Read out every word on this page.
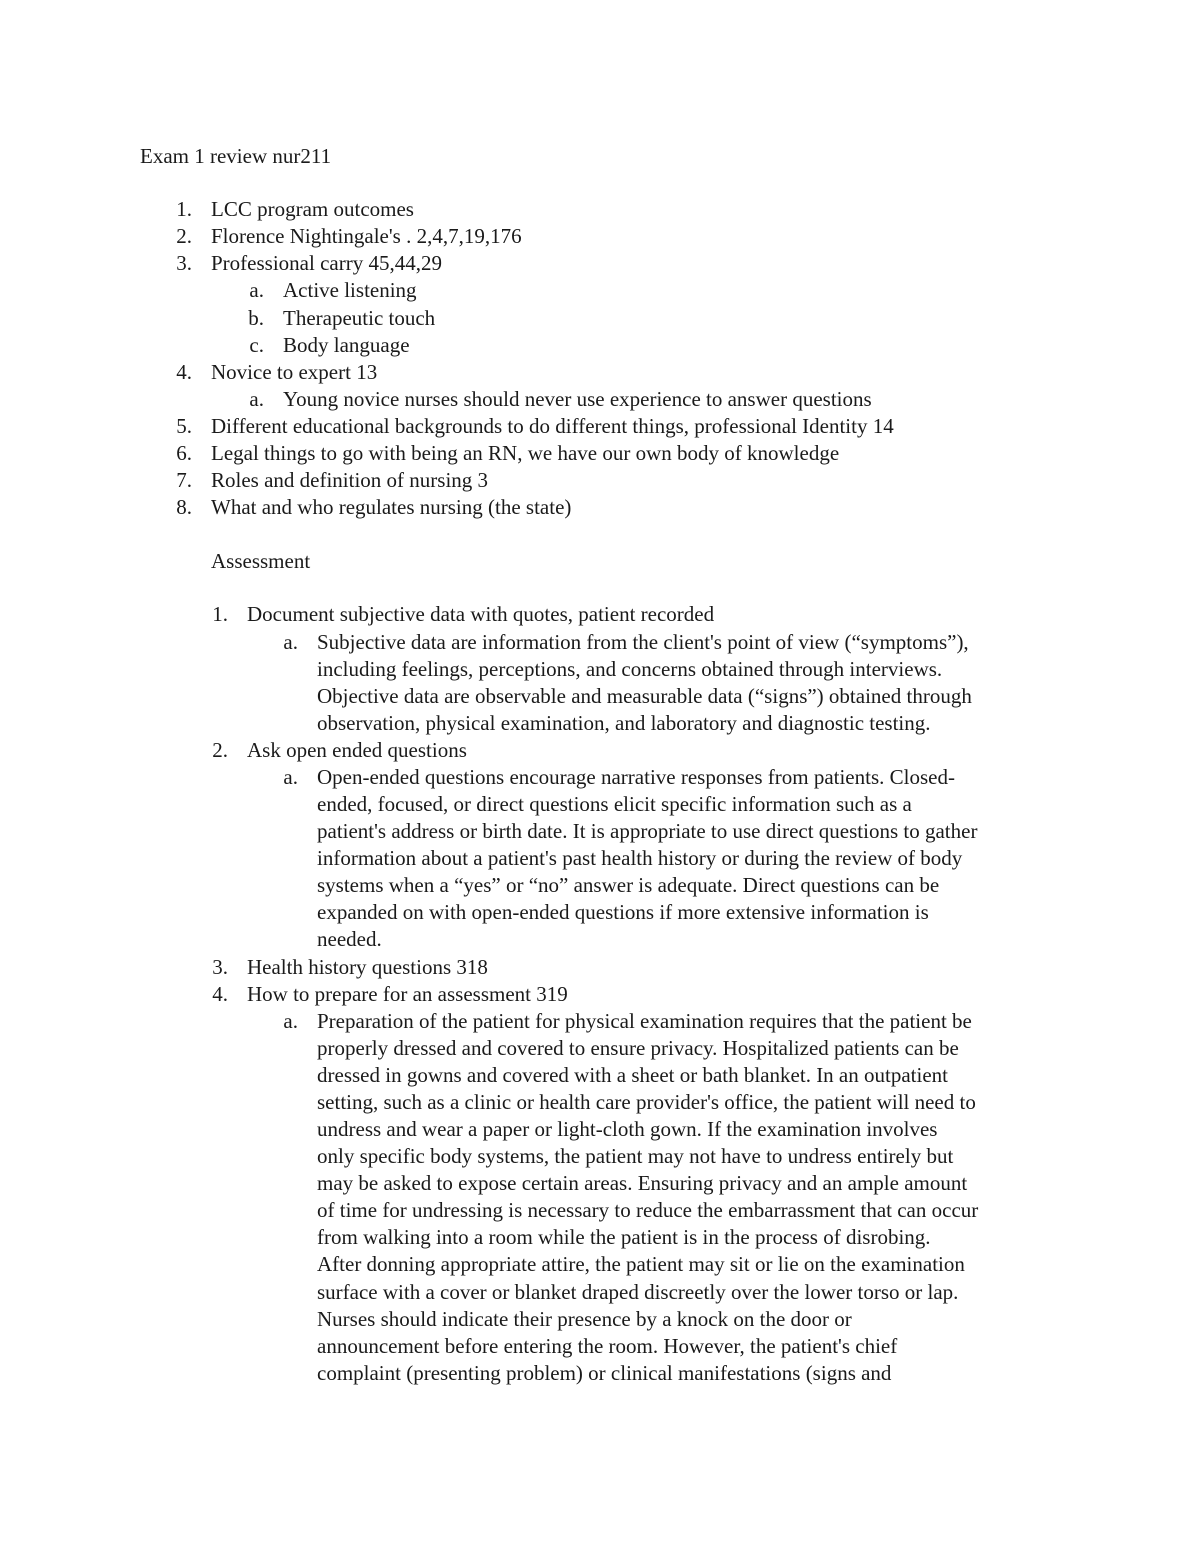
Exam 1 review nur211
1. LCC program outcomes
2. Florence Nightingale's . 2,4,7,19,176
3. Professional carry 45,44,29
a. Active listening
b. Therapeutic touch
c. Body language
4. Novice to expert 13
a. Young novice nurses should never use experience to answer questions
5. Different educational backgrounds to do different things, professional Identity 14
6. Legal things to go with being an RN, we have our own body of knowledge
7. Roles and definition of nursing 3
8. What and who regulates nursing (the state)
Assessment
1. Document subjective data with quotes, patient recorded
a. Subjective data are information from the client's point of view (“symptoms”),
including feelings, perceptions, and concerns obtained through interviews.
Objective data are observable and measurable data (“signs”) obtained through
observation, physical examination, and laboratory and diagnostic testing.
2. Ask open ended questions
a. Open-ended questions encourage narrative responses from patients. Closed-
ended, focused, or direct questions elicit specific information such as a
patient's address or birth date. It is appropriate to use direct questions to gather
information about a patient's past health history or during the review of body
systems when a “yes” or “no” answer is adequate. Direct questions can be
expanded on with open-ended questions if more extensive information is
needed.
3. Health history questions 318
4. How to prepare for an assessment 319
a. Preparation of the patient for physical examination requires that the patient be
properly dressed and covered to ensure privacy. Hospitalized patients can be
dressed in gowns and covered with a sheet or bath blanket. In an outpatient
setting, such as a clinic or health care provider's office, the patient will need to
undress and wear a paper or light-cloth gown. If the examination involves
only specific body systems, the patient may not have to undress entirely but
may be asked to expose certain areas. Ensuring privacy and an ample amount
of time for undressing is necessary to reduce the embarrassment that can occur
from walking into a room while the patient is in the process of disrobing.
After donning appropriate attire, the patient may sit or lie on the examination
surface with a cover or blanket draped discreetly over the lower torso or lap.
Nurses should indicate their presence by a knock on the door or
announcement before entering the room. However, the patient's chief
complaint (presenting problem) or clinical manifestations (signs and
